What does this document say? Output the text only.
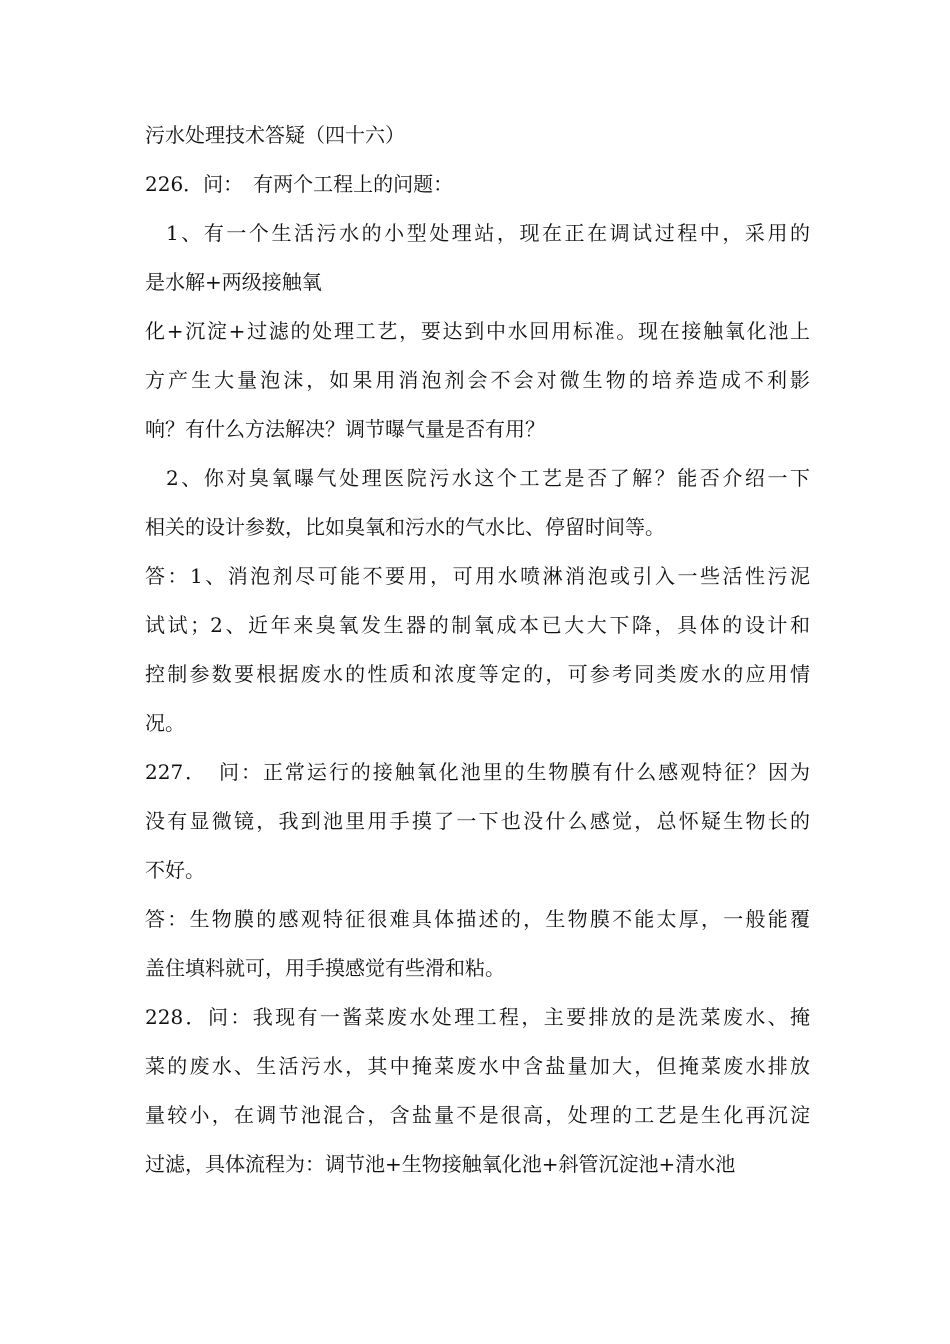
污水处理技术答疑（四十六）
226．问：　有两个工程上的问题：
1、有一个生活污水的小型处理站，现在正在调试过程中，采用的
是水解+两级接触氧
化+沉淀+过滤的处理工艺，要达到中水回用标准。现在接触氧化池上
方产生大量泡沫，如果用消泡剂会不会对微生物的培养造成不利影
响？有什么方法解决？调节曝气量是否有用？
2、你对臭氧曝气处理医院污水这个工艺是否了解？能否介绍一下
相关的设计参数，比如臭氧和污水的气水比、停留时间等。
答：1、消泡剂尽可能不要用，可用水喷淋消泡或引入一些活性污泥
试试；2、近年来臭氧发生器的制氧成本已大大下降，具体的设计和
控制参数要根据废水的性质和浓度等定的，可参考同类废水的应用情
况。
227．　问：正常运行的接触氧化池里的生物膜有什么感观特征？因为
没有显微镜，我到池里用手摸了一下也没什么感觉，总怀疑生物长的
不好。
答：生物膜的感观特征很难具体描述的，生物膜不能太厚，一般能覆
盖住填料就可，用手摸感觉有些滑和粘。
228．问：我现有一酱菜废水处理工程，主要排放的是洗菜废水、掩
菜的废水、生活污水，其中掩菜废水中含盐量加大，但掩菜废水排放
量较小，在调节池混合，含盐量不是很高，处理的工艺是生化再沉淀
过滤，具体流程为：调节池+生物接触氧化池+斜管沉淀池+清水池
